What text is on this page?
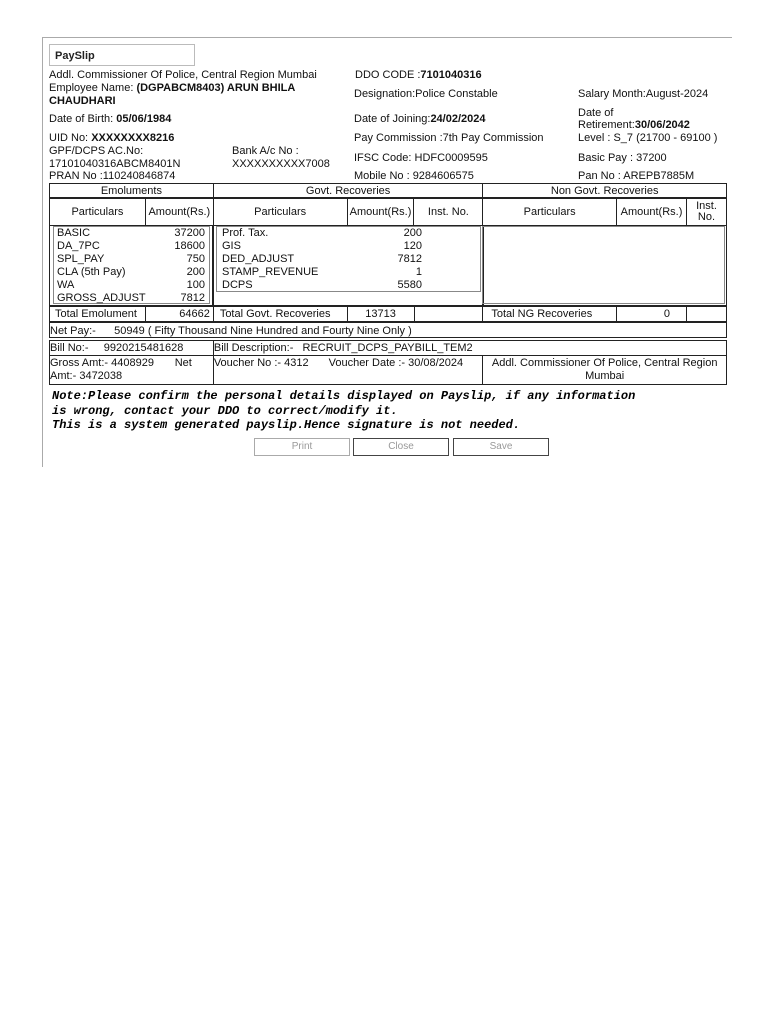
PaySlip
Addl. Commissioner Of Police, Central Region Mumbai	DDO CODE :7101040316
Employee Name: (DGPABCM8403) ARUN BHILA
CHAUDHARI
Designation:Police Constable	Salary Month:August-2024
Date of Birth: 05/06/1984	Date of Joining:24/02/2024	Date of
Retirement:30/06/2042
UID No: XXXXXXXX8216	Pay Commission :7th Pay Commission	Level : S_7 (21700 - 69100 )
GPF/DCPS AC.No:
17101040316ABCM8401N
Bank A/c No :
XXXXXXXXXX7008 IFSC Code: HDFC0009595	Basic Pay : 37200
PRAN No :110240846874	Mobile No : 9284606575	Pan No : AREPB7885M
Emoluments	Govt. Recoveries	Non Govt. Recoveries
Particulars	Amount(Rs.)	Particulars	Amount(Rs.)	Inst. No.	Particulars	Amount(Rs.)	Inst.
No.
BASIC	37200
DA_7PC	18600
SPL_PAY	750
CLA (5th Pay)	200
WA	100
GROSS_ADJUST	7812
Prof. Tax.	200
GIS	120
DED_ADJUST	7812
STAMP_REVENUE	1
DCPS	5580
Total Emolument	64662	Total Govt. Recoveries	13713		Total NG Recoveries	0	
Net Pay:-      50949 ( Fifty Thousand Nine Hundred and Fourty Nine Only )
Bill No:-     9920215481628	Bill Description:-   RECRUIT_DCPS_PAYBILL_TEM2
Gross Amt:- 4408929 Net
Amt:- 3472038	Voucher No :- 4312 Voucher Date :- 30/08/2024	Addl. Commissioner Of Police, Central Region
Mumbai
Note:Please confirm the personal details displayed on Payslip, if any information
is wrong, contact your DDO to correct/modify it.
This is a system generated payslip.Hence signature is not needed.
Print	Close	Save
